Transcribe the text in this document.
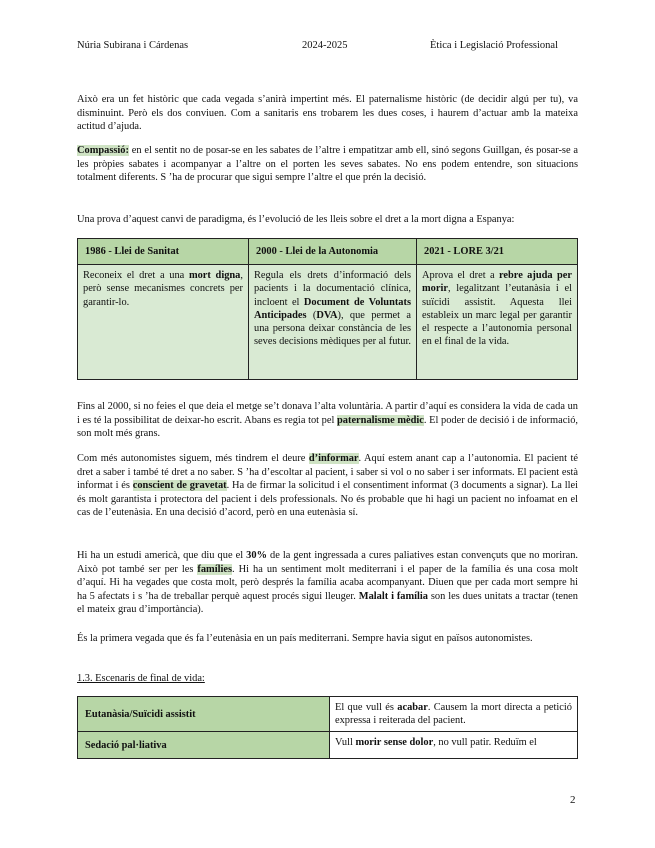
Núria Subirana i Cárdenas	2024-2025	Ètica i Legislació Professional

Això era un fet històric que cada vegada s’anirà impertint més. El paternalisme històric (de decidir algú per tu), va disminuint. Però els dos conviuen. Com a sanitaris ens trobarem les dues coses, i haurem d’actuar amb la mateixa actitud d’ajuda.

Compassió: en el sentit no de posar-se en les sabates de l’altre i empatitzar amb ell, sinó segons Guillgan, és posar-se a les pròpies sabates i acompanyar a l’altre on el porten les seves sabates. No ens podem entendre, son situacions totalment diferents. S ’ha de procurar que sigui sempre l’altre el que prén la decisió.

Una prova d’aquest canvi de paradigma, és l’evolució de les lleis sobre el dret a la mort digna a Espanya:

1986 - Llei de Sanitat	2000 - Llei de la Autonomia	2021 - LORE 3/21
Reconeix el dret a una mort digna, però sense mecanismes concrets per garantir-lo.	Regula els drets d’informació dels pacients i la documentació clínica, incloent el Document de Voluntats Anticipades (DVA), que permet a una persona deixar constància de les seves decisions mèdiques per al futur.	Aprova el dret a rebre ajuda per morir, legalitzant l’eutanàsia i el suïcidi assistit. Aquesta llei estableix un marc legal per garantir el respecte a l’autonomia personal en el final de la vida.

Fins al 2000, si no feies el que deia el metge se’t donava l’alta voluntària. A partir d’aquí es considera la vida de cada un i es té la possibilitat de deixar-ho escrit. Abans es regia tot pel paternalisme mèdic. El poder de decisió i de informació, son molt més grans.

Com més autonomistes siguem, més tindrem el deure d’informar. Aquí estem anant cap a l’autonomia. El pacient té dret a saber i també té dret a no saber. S ’ha d’escoltar al pacient, i saber si vol o no saber i ser informats. El pacient està informat i és conscient de gravetat. Ha de firmar la solicitud i el consentiment informat (3 documents a signar). La llei és molt garantista i protectora del pacient i dels professionals. No és probable que hi hagi un pacient no infoamat en el cas de l’eutenàsia. En una decisió d’acord, però en una eutenàsia sí.

Hi ha un estudi americà, que diu que el 30% de la gent ingressada a cures paliatives estan convençuts que no moriran. Això pot també ser per les famílies. Hi ha un sentiment molt mediterrani i el paper de la família és una cosa molt d’aquí. Hi ha vegades que costa molt, però després la família acaba acompanyant. Diuen que per cada mort sempre hi ha 5 afectats i s ’ha de treballar perquè aquest procés sigui lleuger. Malalt i família son les dues unitats a tractar (tenen el mateix grau d’importància).

És la primera vegada que és fa l’eutenàsia en un país mediterrani. Sempre havia sigut en països autonomistes.

1.3. Escenaris de final de vida:

Eutanàsia/Suïcidi assistit	El que vull és acabar. Causem la mort directa a petició expressa i reiterada del pacient.
Sedació pal·liativa	Vull morir sense dolor, no vull patir. Reduïm el
2
